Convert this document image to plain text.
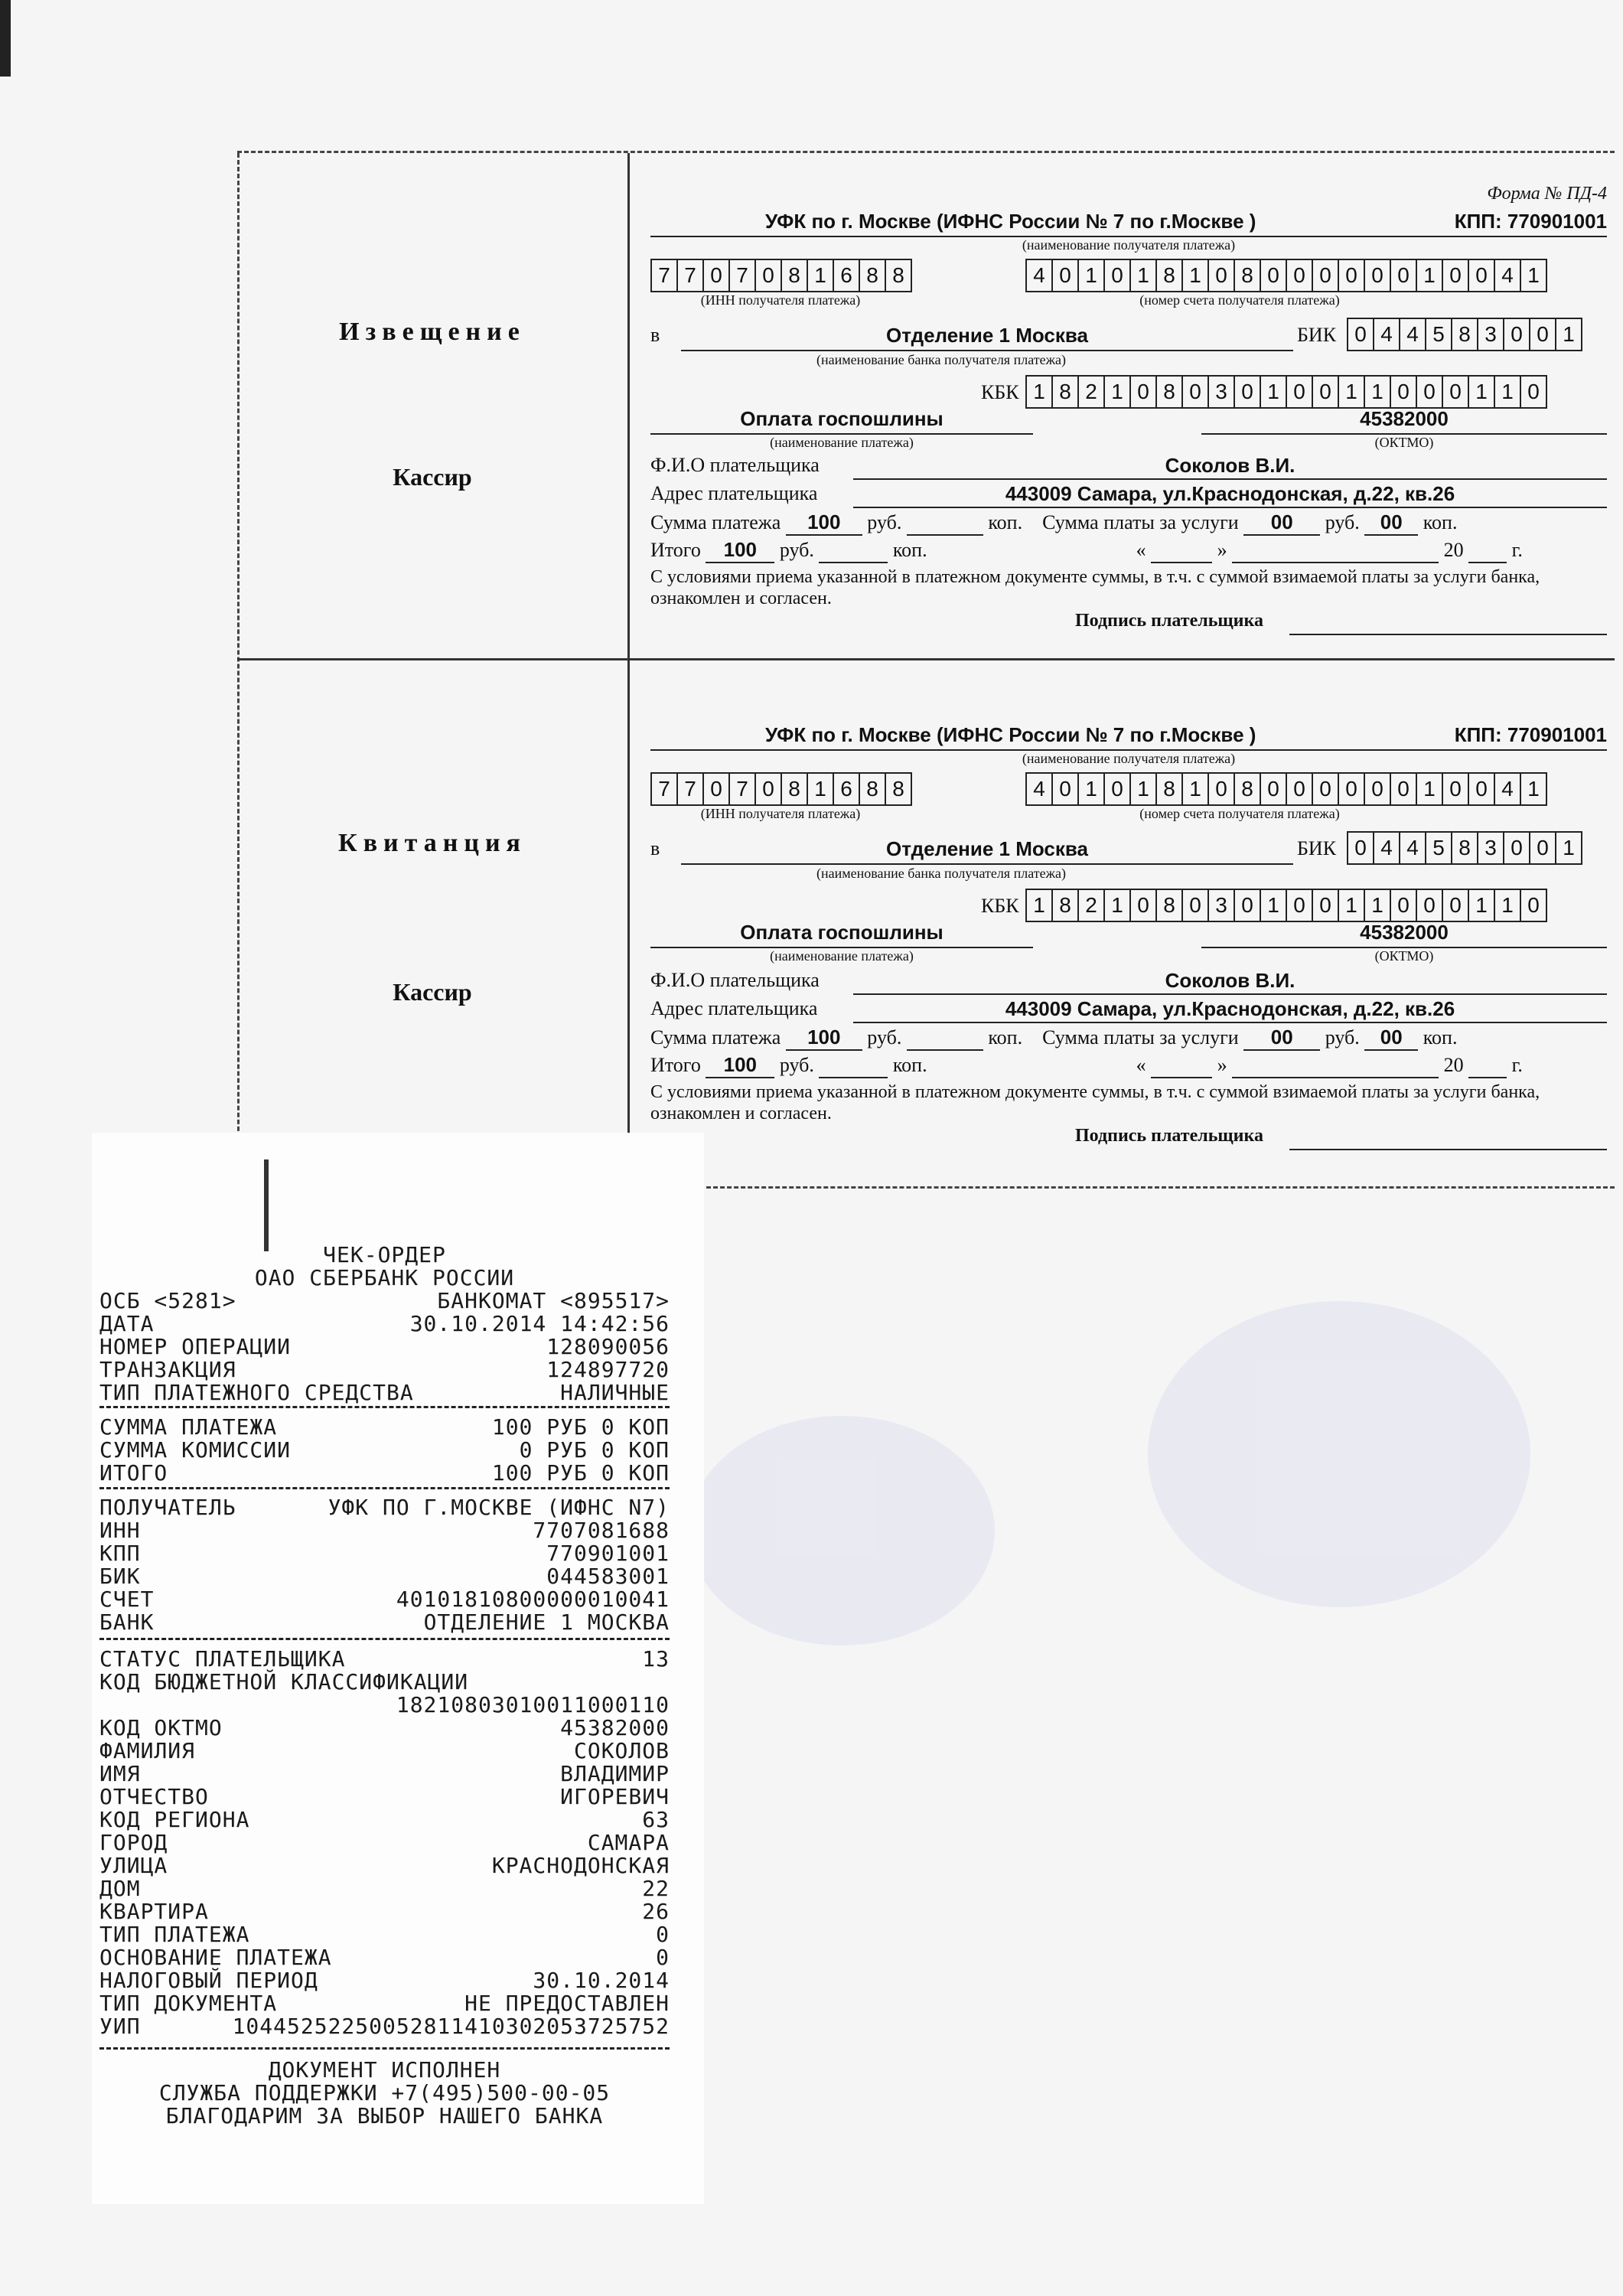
Извещение
Кассир
Форма № ПД-4
УФК по г. Москве (ИФНС России № 7 по г.Москве )	КПП: 770901001
(наименование получателя платежа)
7 7 0 7 0 8 1 6 8 8
(ИНН получателя платежа)
4 0 1 0 1 8 1 0 8 0 0 0 0 0 0 1 0 0 4 1
(номер счета получателя платежа)
в	Отделение 1 Москва	БИК 0 4 4 5 8 3 0 0 1
(наименование банка получателя платежа)
КБК 1 8 2 1 0 8 0 3 0 1 0 0 1 1 0 0 0 1 1 0
Оплата госпошлины	45382000
(наименование платежа)	(ОКТМО)
Ф.И.О плательщика	Соколов В.И.
Адрес плательщика	443009 Самара, ул.Краснодонская, д.22, кв.26
Сумма платежа 100 руб.	коп. Сумма платы за услуги 00 руб. 00 коп.
Итого 100 руб.	коп.	«	»	20 г.
С условиями приема указанной в платежном документе суммы, в т.ч. с суммой взимаемой платы за услуги банка, ознакомлен и согласен.
Подпись плательщика
Квитанция
Кассир
УФК по г. Москве (ИФНС России № 7 по г.Москве )	КПП: 770901001
(наименование получателя платежа)
7 7 0 7 0 8 1 6 8 8
(ИНН получателя платежа)
4 0 1 0 1 8 1 0 8 0 0 0 0 0 0 1 0 0 4 1
(номер счета получателя платежа)
в	Отделение 1 Москва	БИК 0 4 4 5 8 3 0 0 1
(наименование банка получателя платежа)
КБК 1 8 2 1 0 8 0 3 0 1 0 0 1 1 0 0 0 1 1 0
Оплата госпошлины	45382000
(наименование платежа)	(ОКТМО)
Ф.И.О плательщика	Соколов В.И.
Адрес плательщика	443009 Самара, ул.Краснодонская, д.22, кв.26
Сумма платежа 100 руб.	коп. Сумма платы за услуги 00 руб. 00 коп.
Итого 100 руб.	коп.	«	»	20 г.
С условиями приема указанной в платежном документе суммы, в т.ч. с суммой взимаемой платы за услуги банка, ознакомлен и согласен.
Подпись плательщика
ЧЕК-ОРДЕР
ОАО СБЕРБАНК РОССИИ
ОСБ <5281>	БАНКОМАТ <895517>
ДАТА	30.10.2014 14:42:56
НОМЕР ОПЕРАЦИИ	128090056
ТРАНЗАКЦИЯ	124897720
ТИП ПЛАТЕЖНОГО СРЕДСТВА	НАЛИЧНЫЕ
СУММА ПЛАТЕЖА	100 РУБ 0 КОП
СУММА КОМИССИИ	0 РУБ 0 КОП
ИТОГО	100 РУБ 0 КОП
ПОЛУЧАТЕЛЬ	УФК ПО Г.МОСКВЕ (ИФНС N7)
ИНН	7707081688
КПП	770901001
БИК	044583001
СЧЕТ	40101810800000010041
БАНК	ОТДЕЛЕНИЕ 1 МОСКВА
СТАТУС ПЛАТЕЛЬЩИКА	13
КОД БЮДЖЕТНОЙ КЛАССИФИКАЦИИ
18210803010011000110
КОД ОКТМО	45382000
ФАМИЛИЯ	СОКОЛОВ
ИМЯ	ВЛАДИМИР
ОТЧЕСТВО	ИГОРЕВИЧ
КОД РЕГИОНА	63
ГОРОД	САМАРА
УЛИЦА	КРАСНОДОНСКАЯ
ДОМ	22
КВАРТИРА	26
ТИП ПЛАТЕЖА	0
ОСНОВАНИЕ ПЛАТЕЖА	0
НАЛОГОВЫЙ ПЕРИОД	30.10.2014
ТИП ДОКУМЕНТА	НЕ ПРЕДОСТАВЛЕН
УИП	10445252250052811410302053725752
ДОКУМЕНТ ИСПОЛНЕН
СЛУЖБА ПОДДЕРЖКИ +7(495)500-00-05
БЛАГОДАРИМ ЗА ВЫБОР НАШЕГО БАНКА
